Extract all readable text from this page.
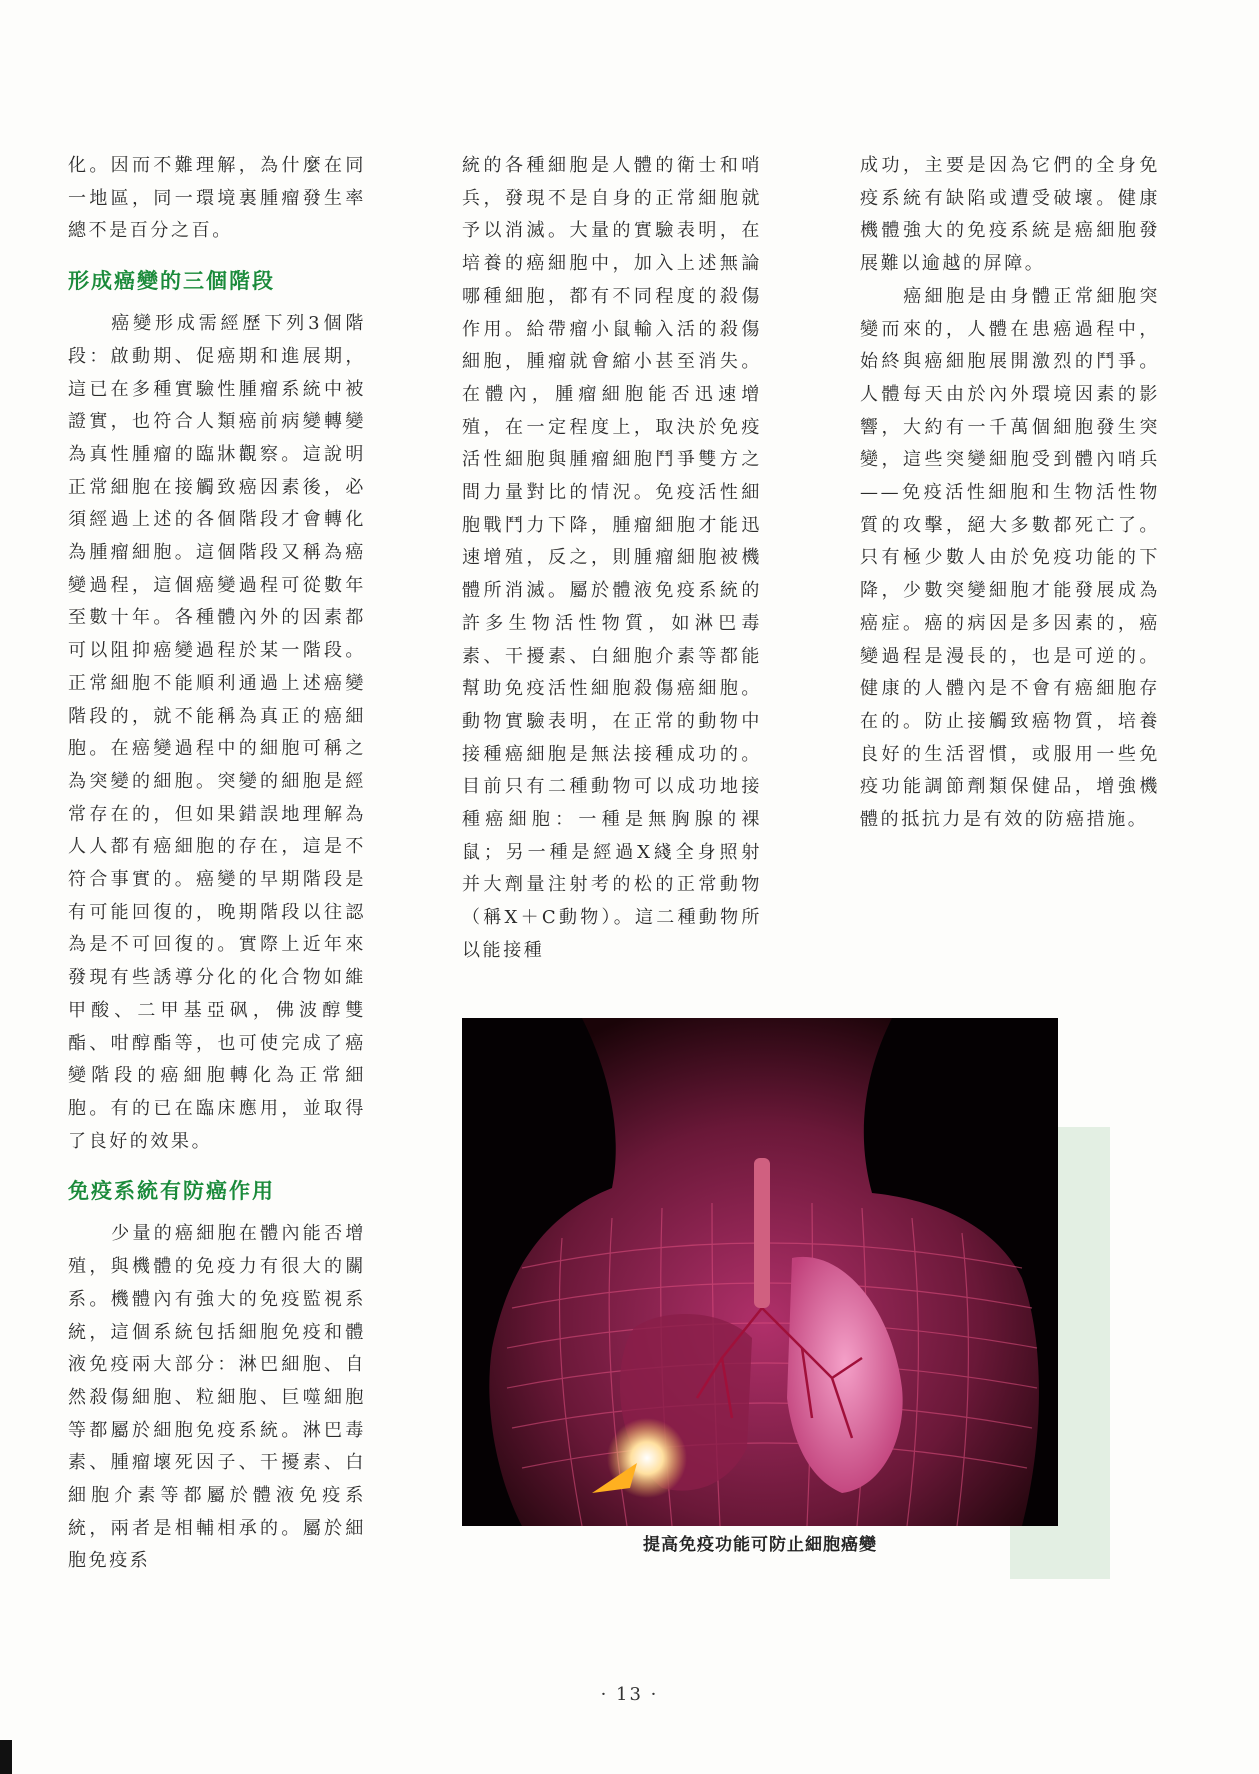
化。因而不難理解，為什麼在同一地區，同一環境裏腫瘤發生率總不是百分之百。

形成癌變的三個階段

癌變形成需經歷下列3個階段：啟動期、促癌期和進展期，這已在多種實驗性腫瘤系統中被證實，也符合人類癌前病變轉變為真性腫瘤的臨牀觀察。這說明正常細胞在接觸致癌因素後，必須經過上述的各個階段才會轉化為腫瘤細胞。這個階段又稱為癌變過程，這個癌變過程可從數年至數十年。各種體內外的因素都可以阻抑癌變過程於某一階段。正常細胞不能順利通過上述癌變階段的，就不能稱為真正的癌細胞。在癌變過程中的細胞可稱之為突變的細胞。突變的細胞是經常存在的，但如果錯誤地理解為人人都有癌細胞的存在，這是不符合事實的。癌變的早期階段是有可能回復的，晚期階段以往認為是不可回復的。實際上近年來發現有些誘導分化的化合物如維甲酸、二甲基亞砜，佛波醇雙酯、咁醇酯等，也可使完成了癌變階段的癌細胞轉化為正常細胞。有的已在臨床應用，並取得了良好的效果。

免疫系統有防癌作用

少量的癌細胞在體內能否增殖，與機體的免疫力有很大的關系。機體內有強大的免疫監視系統，這個系統包括細胞免疫和體液免疫兩大部分：淋巴細胞、自然殺傷細胞、粒細胞、巨噬細胞等都屬於細胞免疫系統。淋巴毒素、腫瘤壞死因子、干擾素、白細胞介素等都屬於體液免疫系統，兩者是相輔相承的。屬於細胞免疫系

統的各種細胞是人體的衛士和哨兵，發現不是自身的正常細胞就予以消滅。大量的實驗表明，在培養的癌細胞中，加入上述無論哪種細胞，都有不同程度的殺傷作用。給帶瘤小鼠輸入活的殺傷細胞，腫瘤就會縮小甚至消失。在體內，腫瘤細胞能否迅速增殖，在一定程度上，取決於免疫活性細胞與腫瘤細胞鬥爭雙方之間力量對比的情況。免疫活性細胞戰鬥力下降，腫瘤細胞才能迅速增殖，反之，則腫瘤細胞被機體所消滅。屬於體液免疫系統的許多生物活性物質，如淋巴毒素、干擾素、白細胞介素等都能幫助免疫活性細胞殺傷癌細胞。動物實驗表明，在正常的動物中接種癌細胞是無法接種成功的。目前只有二種動物可以成功地接種癌細胞：一種是無胸腺的裸鼠；另一種是經過X綫全身照射并大劑量注射考的松的正常動物（稱X＋C動物）。這二種動物所以能接種

成功，主要是因為它們的全身免疫系統有缺陷或遭受破壞。健康機體強大的免疫系統是癌細胞發展難以逾越的屏障。

癌細胞是由身體正常細胞突變而來的，人體在患癌過程中，始終與癌細胞展開激烈的鬥爭。人體每天由於內外環境因素的影響，大約有一千萬個細胞發生突變，這些突變細胞受到體內哨兵——免疫活性細胞和生物活性物質的攻擊，絕大多數都死亡了。只有極少數人由於免疫功能的下降，少數突變細胞才能發展成為癌症。癌的病因是多因素的，癌變過程是漫長的，也是可逆的。健康的人體內是不會有癌細胞存在的。防止接觸致癌物質，培養良好的生活習慣，或服用一些免疫功能調節劑類保健品，增強機體的抵抗力是有效的防癌措施。

提高免疫功能可防止細胞癌變
· 13 ·
